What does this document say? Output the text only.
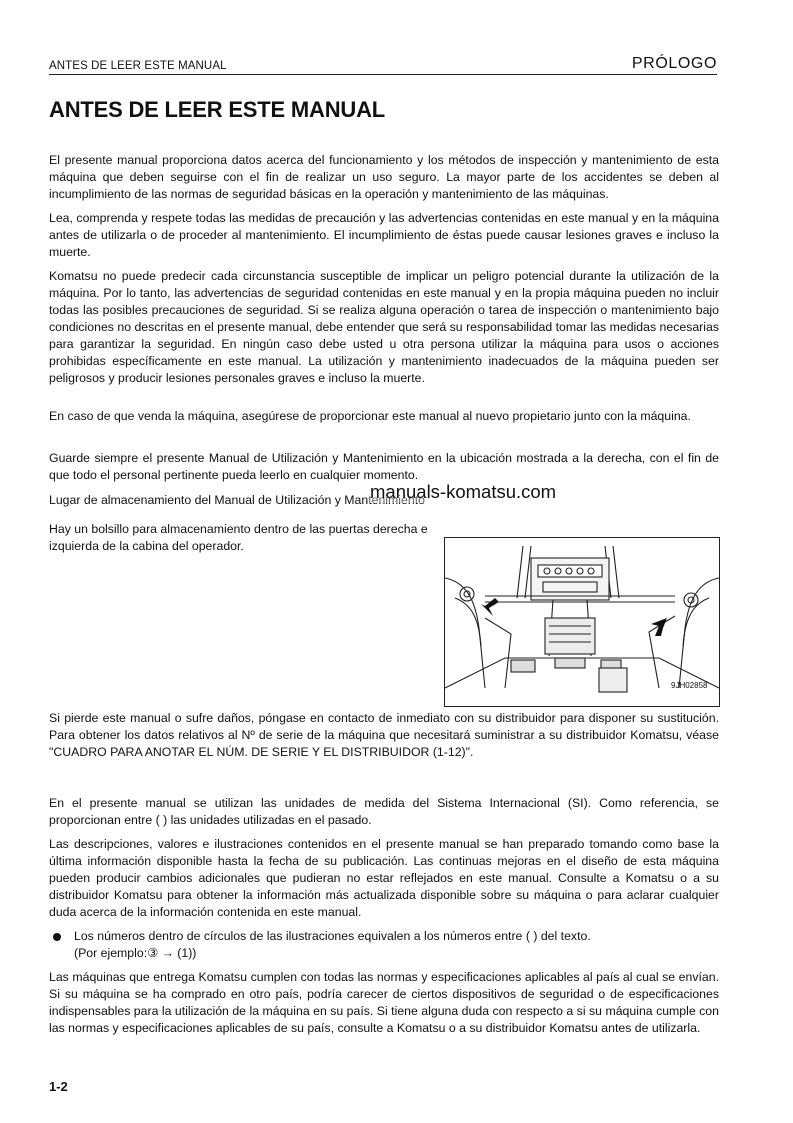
ANTES DE LEER ESTE MANUAL	PRÓLOGO
ANTES DE LEER ESTE MANUAL

El presente manual proporciona datos acerca del funcionamiento y los métodos de inspección y mantenimiento de esta máquina que deben seguirse con el fin de realizar un uso seguro. La mayor parte de los accidentes se deben al incumplimiento de las normas de seguridad básicas en la operación y mantenimiento de las máquinas.

Lea, comprenda y respete todas las medidas de precaución y las advertencias contenidas en este manual y en la máquina antes de utilizarla o de proceder al mantenimiento. El incumplimiento de éstas puede causar lesiones graves e incluso la muerte.

Komatsu no puede predecir cada circunstancia susceptible de implicar un peligro potencial durante la utilización de la máquina. Por lo tanto, las advertencias de seguridad contenidas en este manual y en la propia máquina pueden no incluir todas las posibles precauciones de seguridad. Si se realiza alguna operación o tarea de inspección o mantenimiento bajo condiciones no descritas en el presente manual, debe entender que será su responsabilidad tomar las medidas necesarias para garantizar la seguridad. En ningún caso debe usted u otra persona utilizar la máquina para usos o acciones prohibidas específicamente en este manual. La utilización y mantenimiento inadecuados de la máquina pueden ser peligrosos y producir lesiones personales graves e incluso la muerte.

En caso de que venda la máquina, asegúrese de proporcionar este manual al nuevo propietario junto con la máquina.

Guarde siempre el presente Manual de Utilización y Mantenimiento en la ubicación mostrada a la derecha, con el fin de que todo el personal pertinente pueda leerlo en cualquier momento.

Lugar de almacenamiento del Manual de Utilización y Mantenimiento

manuals-komatsu.com

Hay un bolsillo para almacenamiento dentro de las puertas derecha e izquierda de la cabina del operador.

9JH02858

Si pierde este manual o sufre daños, póngase en contacto de inmediato con su distribuidor para disponer su sustitución. Para obtener los datos relativos al Nº de serie de la máquina que necesitará suministrar a su distribuidor Komatsu, véase "CUADRO PARA ANOTAR EL NÚM. DE SERIE Y EL DISTRIBUIDOR (1-12)".

En el presente manual se utilizan las unidades de medida del Sistema Internacional (SI). Como referencia, se proporcionan entre ( ) las unidades utilizadas en el pasado.

Las descripciones, valores e ilustraciones contenidos en el presente manual se han preparado tomando como base la última información disponible hasta la fecha de su publicación. Las continuas mejoras en el diseño de esta máquina pueden producir cambios adicionales que pudieran no estar reflejados en este manual. Consulte a Komatsu o a su distribuidor Komatsu para obtener la información más actualizada disponible sobre su máquina o para aclarar cualquier duda acerca de la información contenida en este manual.

Los números dentro de círculos de las ilustraciones equivalen a los números entre ( ) del texto.

(Por ejemplo:③ → (1))

Las máquinas que entrega Komatsu cumplen con todas las normas y especificaciones aplicables al país al cual se envían. Si su máquina se ha comprado en otro país, podría carecer de ciertos dispositivos de seguridad o de especificaciones indispensables para la utilización de la máquina en su país. Si tiene alguna duda con respecto a si su máquina cumple con las normas y especificaciones aplicables de su país, consulte a Komatsu o a su distribuidor Komatsu antes de utilizarla.

1-2
